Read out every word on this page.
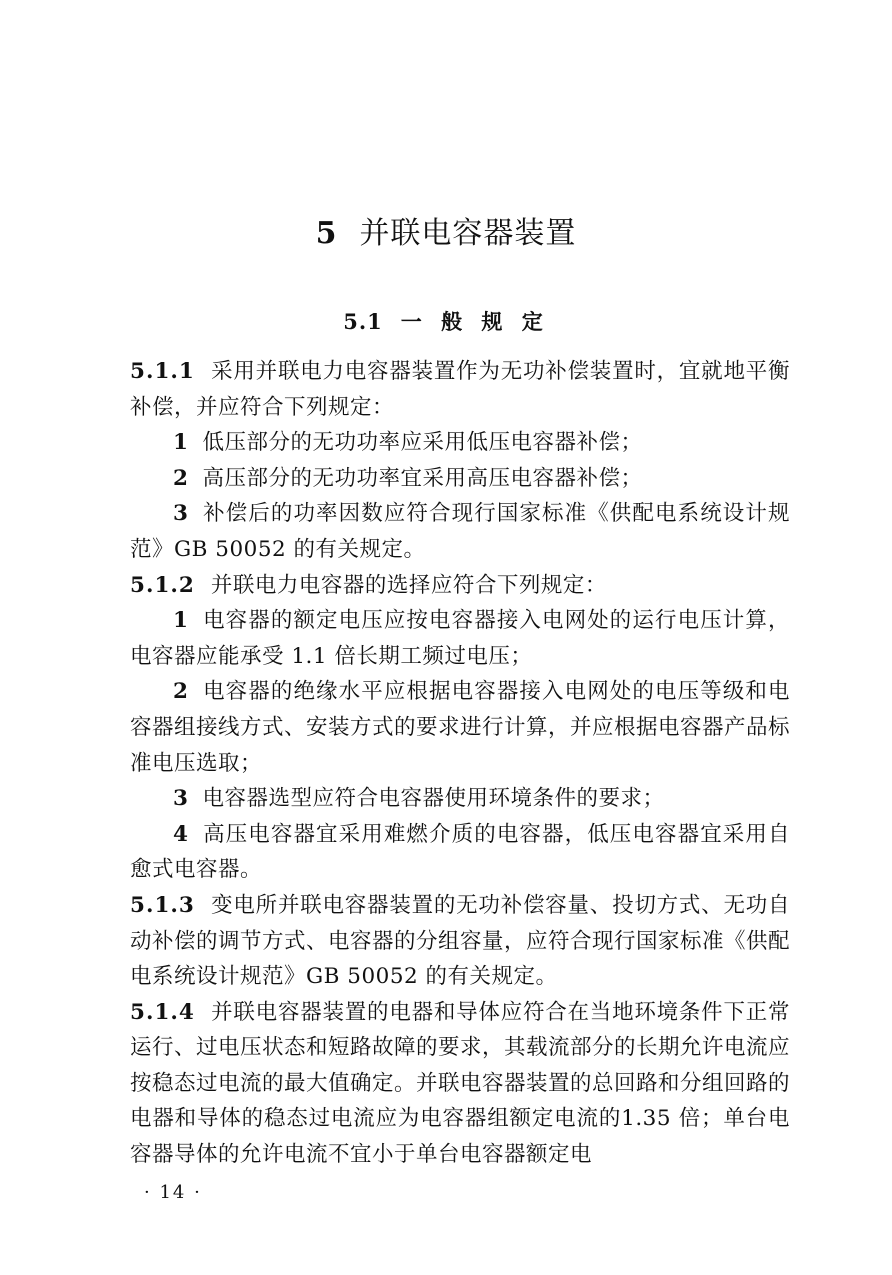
5 并联电容器装置
5.1 一 般 规 定

5.1.1 采用并联电力电容器装置作为无功补偿装置时，宜就地平衡补偿，并应符合下列规定：

1 低压部分的无功功率应采用低压电容器补偿；

2 高压部分的无功功率宜采用高压电容器补偿；

3 补偿后的功率因数应符合现行国家标准《供配电系统设计规范》GB 50052 的有关规定。

5.1.2 并联电力电容器的选择应符合下列规定：

1 电容器的额定电压应按电容器接入电网处的运行电压计算，电容器应能承受 1.1 倍长期工频过电压；

2 电容器的绝缘水平应根据电容器接入电网处的电压等级和电容器组接线方式、安装方式的要求进行计算，并应根据电容器产品标准电压选取；

3 电容器选型应符合电容器使用环境条件的要求；

4 高压电容器宜采用难燃介质的电容器，低压电容器宜采用自愈式电容器。

5.1.3 变电所并联电容器装置的无功补偿容量、投切方式、无功自动补偿的调节方式、电容器的分组容量，应符合现行国家标准《供配电系统设计规范》GB 50052 的有关规定。

5.1.4 并联电容器装置的电器和导体应符合在当地环境条件下正常运行、过电压状态和短路故障的要求，其载流部分的长期允许电流应按稳态过电流的最大值确定。并联电容器装置的总回路和分组回路的电器和导体的稳态过电流应为电容器组额定电流的1.35 倍；单台电容器导体的允许电流不宜小于单台电容器额定电

· 14 ·
